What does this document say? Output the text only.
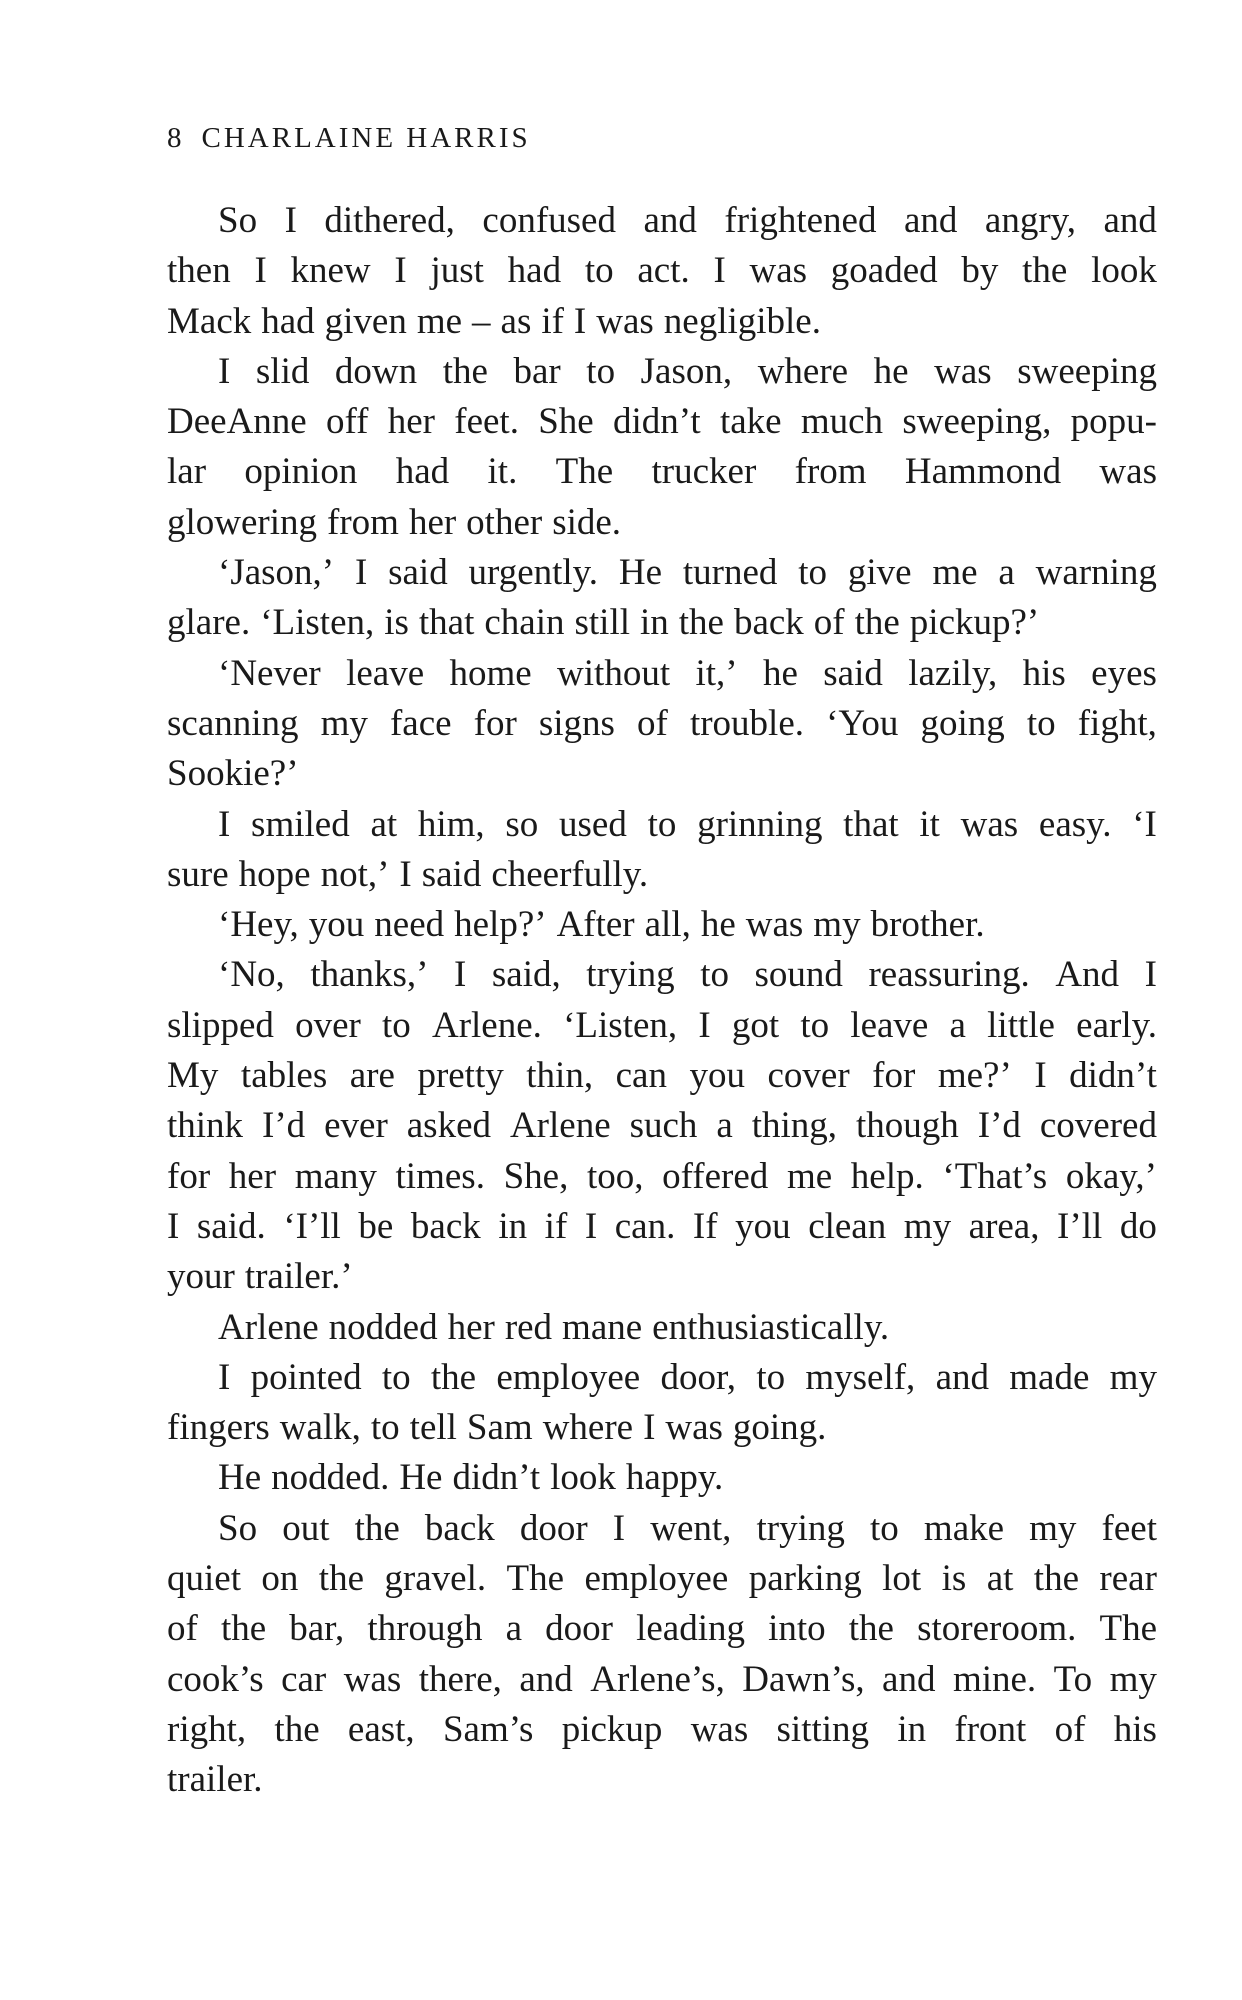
8 CHARLAINE HARRIS
So I dithered, confused and frightened and angry, and
then I knew I just had to act. I was goaded by the look
Mack had given me – as if I was negligible.
I slid down the bar to Jason, where he was sweeping
DeeAnne off her feet. She didn’t take much sweeping, popu-
lar opinion had it. The trucker from Hammond was
glowering from her other side.
‘Jason,’ I said urgently. He turned to give me a warning
glare. ‘Listen, is that chain still in the back of the pickup?’
‘Never leave home without it,’ he said lazily, his eyes
scanning my face for signs of trouble. ‘You going to fight,
Sookie?’
I smiled at him, so used to grinning that it was easy. ‘I
sure hope not,’ I said cheerfully.
‘Hey, you need help?’ After all, he was my brother.
‘No, thanks,’ I said, trying to sound reassuring. And I
slipped over to Arlene. ‘Listen, I got to leave a little early.
My tables are pretty thin, can you cover for me?’ I didn’t
think I’d ever asked Arlene such a thing, though I’d covered
for her many times. She, too, offered me help. ‘That’s okay,’
I said. ‘I’ll be back in if I can. If you clean my area, I’ll do
your trailer.’
Arlene nodded her red mane enthusiastically.
I pointed to the employee door, to myself, and made my
fingers walk, to tell Sam where I was going.
He nodded. He didn’t look happy.
So out the back door I went, trying to make my feet
quiet on the gravel. The employee parking lot is at the rear
of the bar, through a door leading into the storeroom. The
cook’s car was there, and Arlene’s, Dawn’s, and mine. To my
right, the east, Sam’s pickup was sitting in front of his
trailer.
